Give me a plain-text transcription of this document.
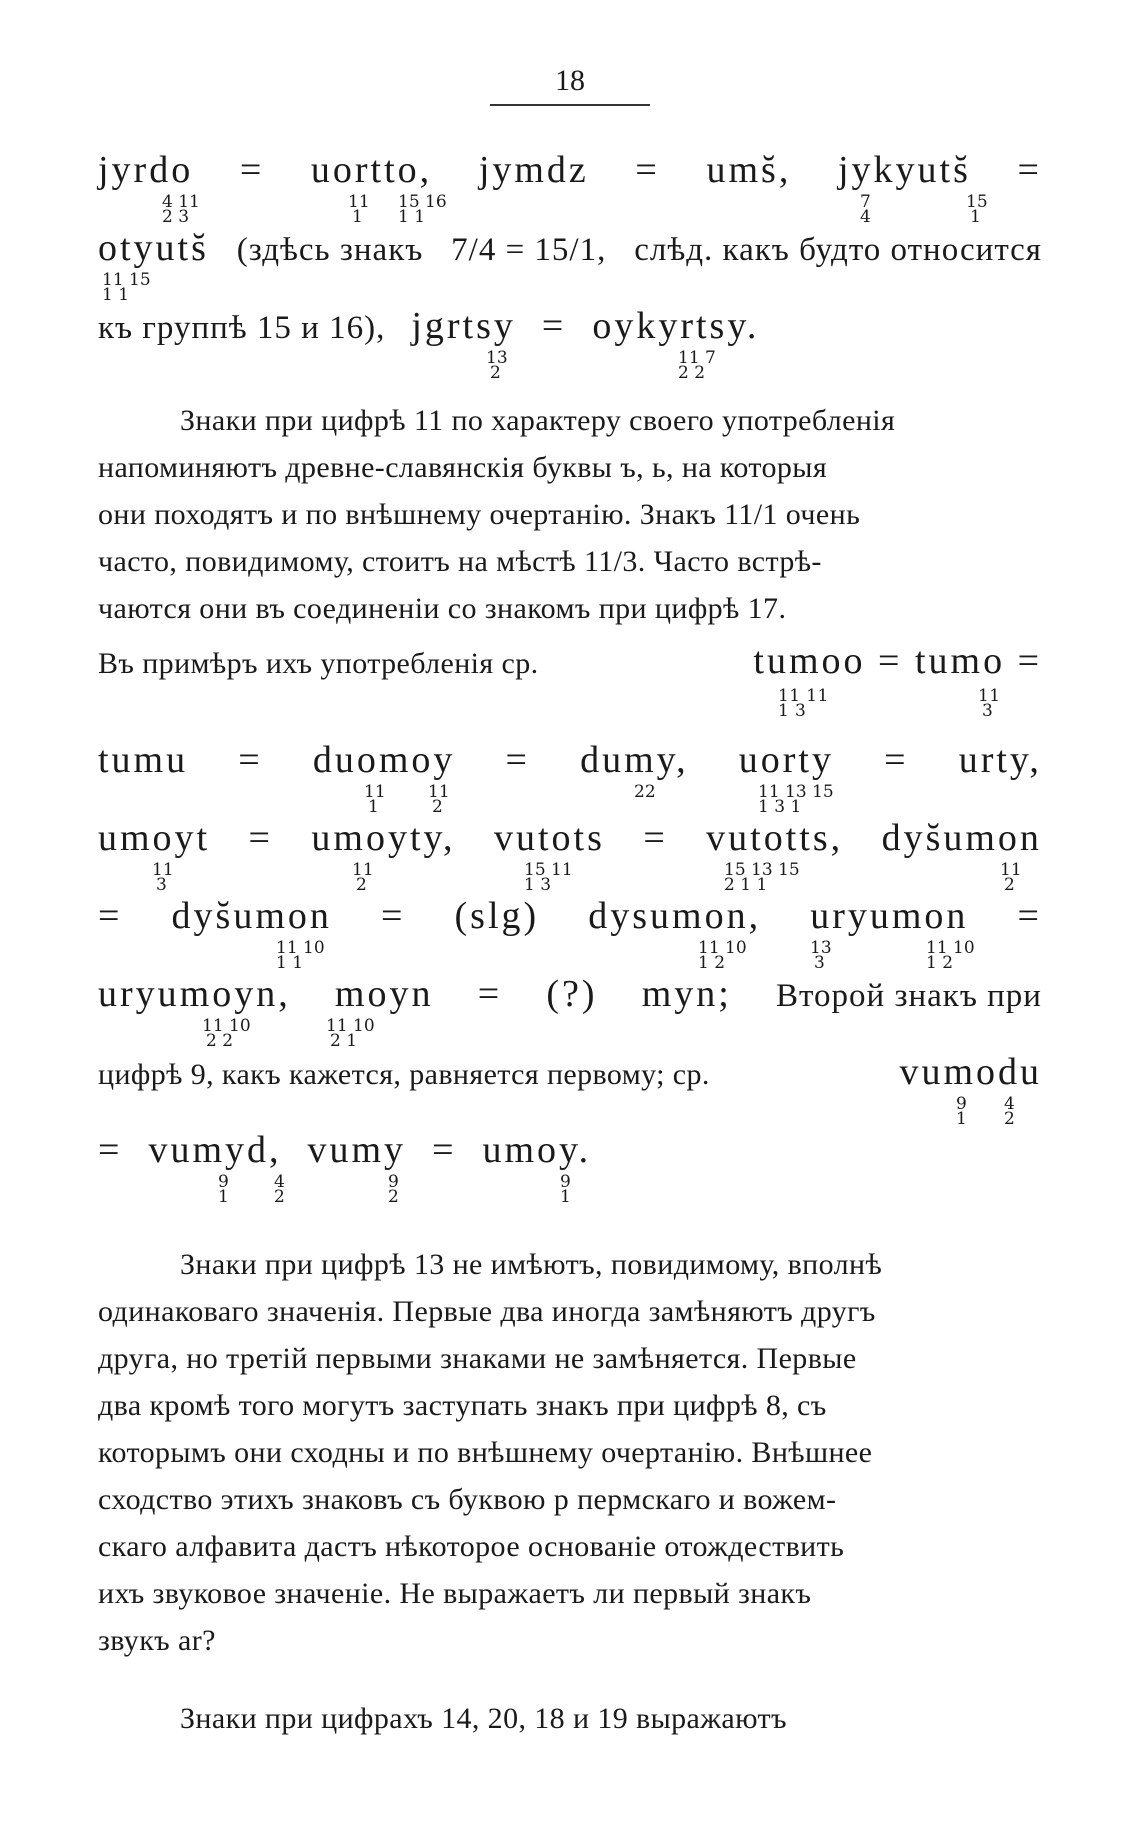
18
jyrdo = uortto, jymdz = ums̆, jykyuts̆ =
4 11
2 3
11
1
15 16
1 1
7
4
15
1
otyuts̆ (здѣсь знакъ 7/4 = 15/1, слѣд. какъ будто относится
11 15
1 1
къ группѣ 15 и 16), jgrtsy = oykyrtsy.
13
2
11 7
2 2
Знаки при цифрѣ 11 по характеру своего употребленія
напоминяютъ древне-славянскія буквы ъ, ь, на которыя
они походятъ и по внѣшнему очертанію. Знакъ 11/1 очень
часто, повидимому, стоитъ на мѣстѣ 11/3. Часто встрѣ-
чаются они въ соединеніи со знакомъ при цифрѣ 17.
Въ примѣръ ихъ употребленія ср.	tumoo = tumo =
11 11
1 3
11
3
tumu = duomoy = dumy, uorty = urty,
11
1
11
2
22	11 13 15
1 3 1
umoyt = umoyty, vutots = vutotts, dys̆umon
11
3
11
2
15 11
1 3
15 13 15
2 1 1
11
2
= dys̆umon = (slg) dysumon, uryumon =
11 10
1 1
11 10
1 2
13
3
11 10
1 2
uryumoyn, moyn = (?) myn; Второй знакъ при
11 10
2 2
11 10
2 1
цифрѣ 9, какъ кажется, равняется первому; ср.	vumodu
9
1
4
2
= vumyd, vumy = umoy.
9
1
4
2
9
2
9
1
Знаки при цифрѣ 13 не имѣютъ, повидимому, вполнѣ
одинаковаго значенія. Первые два иногда замѣняютъ другъ
друга, но третій первыми знаками не замѣняется. Первые
два кромѣ того могутъ заступать знакъ при цифрѣ 8, съ
которымъ они сходны и по внѣшнему очертанію. Внѣшнее
сходство этихъ знаковъ съ буквою р пермскаго и вожем-
скаго алфавита дастъ нѣкоторое основаніе отождествить
ихъ звуковое значеніе. Не выражаетъ ли первый знакъ
звукъ ar?
Знаки при цифрахъ 14, 20, 18 и 19 выражаютъ
